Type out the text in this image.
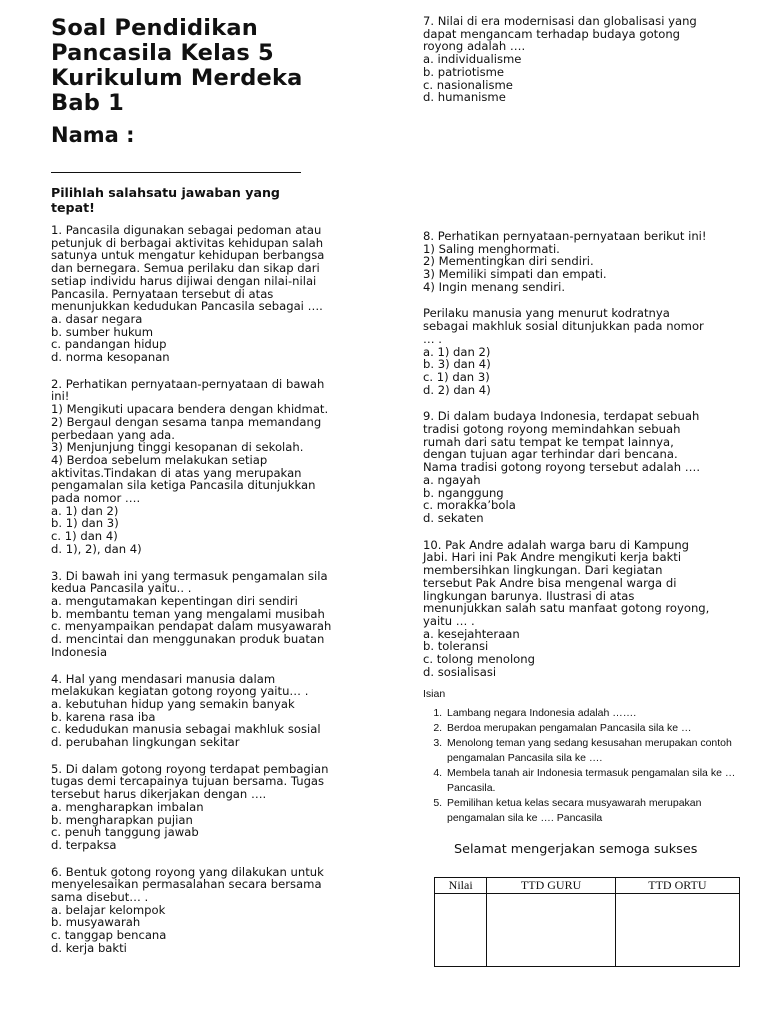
Soal Pendidikan
Pancasila Kelas 5
Kurikulum Merdeka
Bab 1
Nama :
Pilihlah salahsatu jawaban yang
tepat!
1. Pancasila digunakan sebagai pedoman atau
petunjuk di berbagai aktivitas kehidupan salah
satunya untuk mengatur kehidupan berbangsa
dan bernegara. Semua perilaku dan sikap dari
setiap individu harus dijiwai dengan nilai-nilai
Pancasila. Pernyataan tersebut di atas
menunjukkan kedudukan Pancasila sebagai ….
a. dasar negara
b. sumber hukum
c. pandangan hidup
d. norma kesopanan
2. Perhatikan pernyataan-pernyataan di bawah
ini!
1) Mengikuti upacara bendera dengan khidmat.
2) Bergaul dengan sesama tanpa memandang
perbedaan yang ada.
3) Menjunjung tinggi kesopanan di sekolah.
4) Berdoa sebelum melakukan setiap
aktivitas.Tindakan di atas yang merupakan
pengamalan sila ketiga Pancasila ditunjukkan
pada nomor ….
a. 1) dan 2)
b. 1) dan 3)
c. 1) dan 4)
d. 1), 2), dan 4)
3. Di bawah ini yang termasuk pengamalan sila
kedua Pancasila yaitu.. .
a. mengutamakan kepentingan diri sendiri
b. membantu teman yang mengalami musibah
c. menyampaikan pendapat dalam musyawarah
d. mencintai dan menggunakan produk buatan
Indonesia
4. Hal yang mendasari manusia dalam
melakukan kegiatan gotong royong yaitu… .
a. kebutuhan hidup yang semakin banyak
b. karena rasa iba
c. kedudukan manusia sebagai makhluk sosial
d. perubahan lingkungan sekitar
5. Di dalam gotong royong terdapat pembagian
tugas demi tercapainya tujuan bersama. Tugas
tersebut harus dikerjakan dengan ….
a. mengharapkan imbalan
b. mengharapkan pujian
c. penuh tanggung jawab
d. terpaksa
6. Bentuk gotong royong yang dilakukan untuk
menyelesaikan permasalahan secara bersama
sama disebut… .
a. belajar kelompok
b. musyawarah
c. tanggap bencana
d. kerja bakti
7. Nilai di era modernisasi dan globalisasi yang
dapat mengancam terhadap budaya gotong
royong adalah ….
a. individualisme
b. patriotisme
c. nasionalisme
d. humanisme
8. Perhatikan pernyataan-pernyataan berikut ini!
1) Saling menghormati.
2) Mementingkan diri sendiri.
3) Memiliki simpati dan empati.
4) Ingin menang sendiri.
Perilaku manusia yang menurut kodratnya
sebagai makhluk sosial ditunjukkan pada nomor
… .
a. 1) dan 2)
b. 3) dan 4)
c. 1) dan 3)
d. 2) dan 4)
9. Di dalam budaya Indonesia, terdapat sebuah
tradisi gotong royong memindahkan sebuah
rumah dari satu tempat ke tempat lainnya,
dengan tujuan agar terhindar dari bencana.
Nama tradisi gotong royong tersebut adalah ….
a. ngayah
b. nganggung
c. morakka’bola
d. sekaten
10. Pak Andre adalah warga baru di Kampung
Jabi. Hari ini Pak Andre mengikuti kerja bakti
membersihkan lingkungan. Dari kegiatan
tersebut Pak Andre bisa mengenal warga di
lingkungan barunya. Ilustrasi di atas
menunjukkan salah satu manfaat gotong royong,
yaitu … .
a. kesejahteraan
b. toleransi
c. tolong menolong
d. sosialisasi
Isian
1. Lambang negara Indonesia adalah …….
2. Berdoa merupakan pengamalan Pancasila sila ke …
3. Menolong teman yang sedang kesusahan merupakan contoh pengamalan Pancasila sila ke ….
4. Membela tanah air Indonesia termasuk pengamalan sila ke … Pancasila.
5. Pemilihan ketua kelas secara musyawarah merupakan pengamalan sila ke …. Pancasila
Selamat mengerjakan semoga sukses
Nilai	TTD GURU	TTD ORTU
